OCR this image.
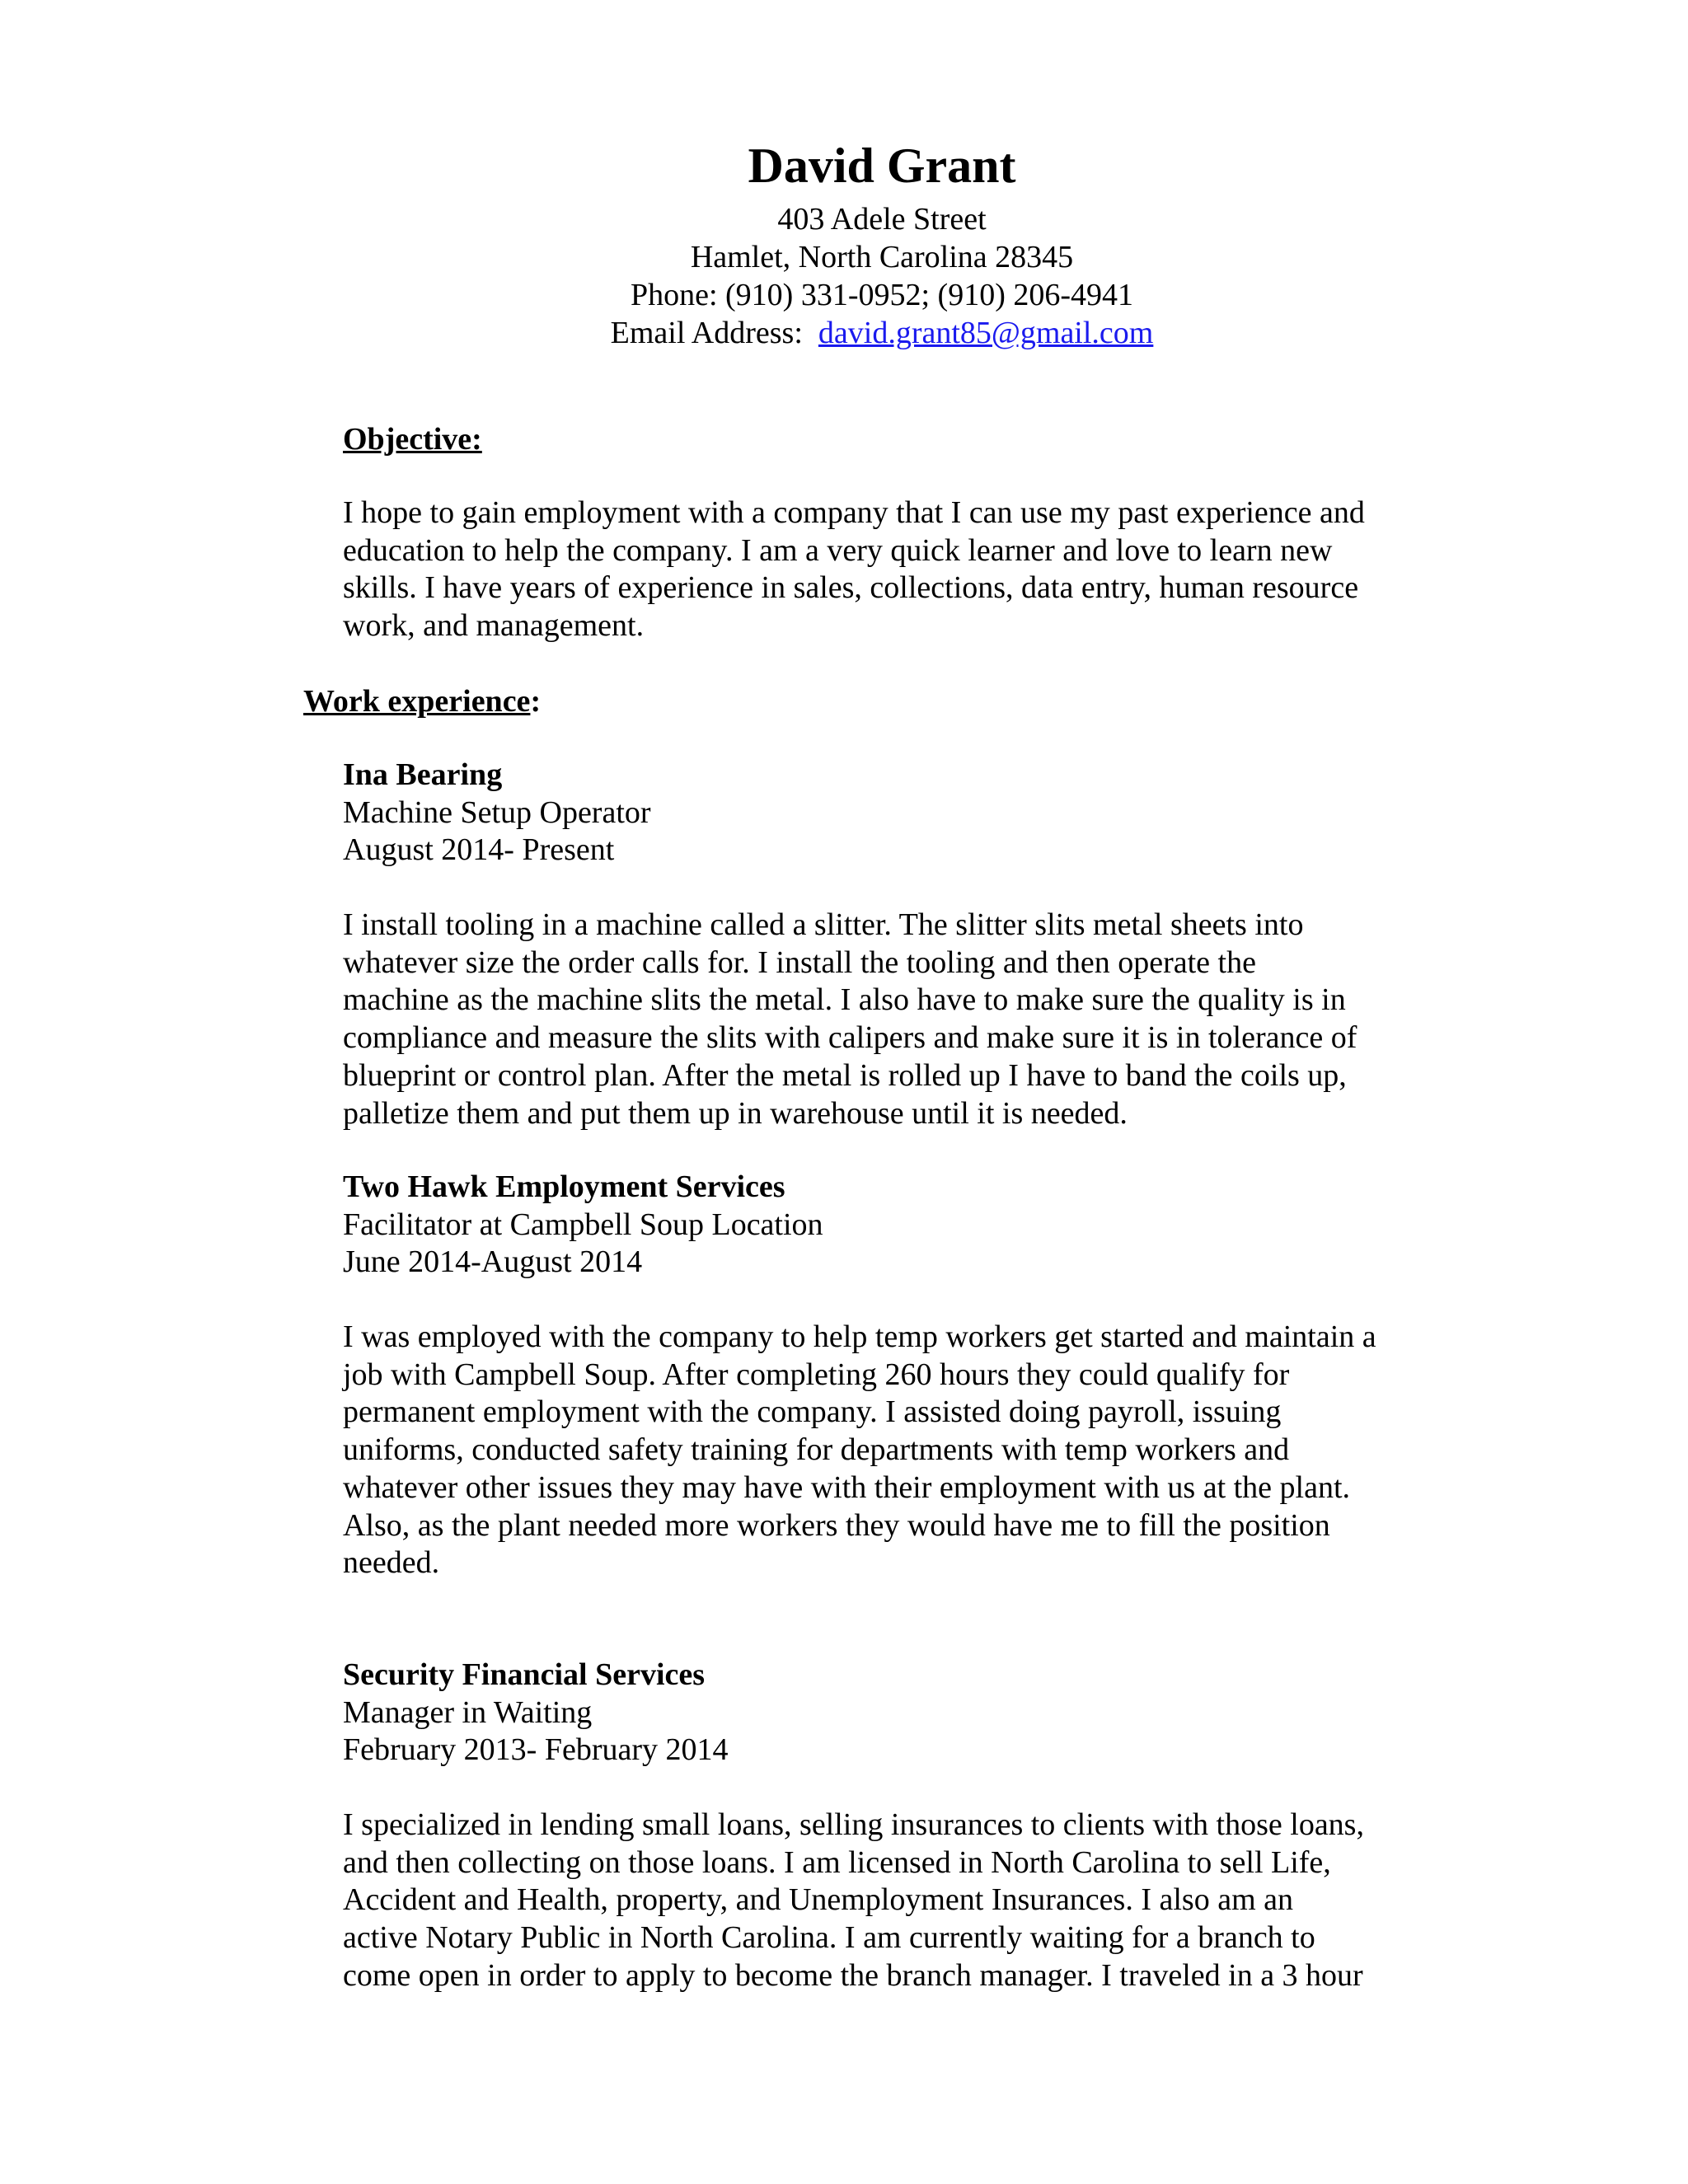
David Grant
403 Adele Street
Hamlet, North Carolina 28345
Phone: (910) 331-0952; (910) 206-4941
Email Address: david.grant85@gmail.com
Objective:
I hope to gain employment with a company that I can use my past experience and
education to help the company. I am a very quick learner and love to learn new
skills. I have years of experience in sales, collections, data entry, human resource
work, and management.
Work experience:
Ina Bearing
Machine Setup Operator
August 2014- Present
I install tooling in a machine called a slitter. The slitter slits metal sheets into
whatever size the order calls for. I install the tooling and then operate the
machine as the machine slits the metal. I also have to make sure the quality is in
compliance and measure the slits with calipers and make sure it is in tolerance of
blueprint or control plan. After the metal is rolled up I have to band the coils up,
palletize them and put them up in warehouse until it is needed.
Two Hawk Employment Services
Facilitator at Campbell Soup Location
June 2014-August 2014
I was employed with the company to help temp workers get started and maintain a
job with Campbell Soup. After completing 260 hours they could qualify for
permanent employment with the company. I assisted doing payroll, issuing
uniforms, conducted safety training for departments with temp workers and
whatever other issues they may have with their employment with us at the plant.
Also, as the plant needed more workers they would have me to fill the position
needed.
Security Financial Services
Manager in Waiting
February 2013- February 2014
I specialized in lending small loans, selling insurances to clients with those loans,
and then collecting on those loans. I am licensed in North Carolina to sell Life,
Accident and Health, property, and Unemployment Insurances. I also am an
active Notary Public in North Carolina. I am currently waiting for a branch to
come open in order to apply to become the branch manager. I traveled in a 3 hour
